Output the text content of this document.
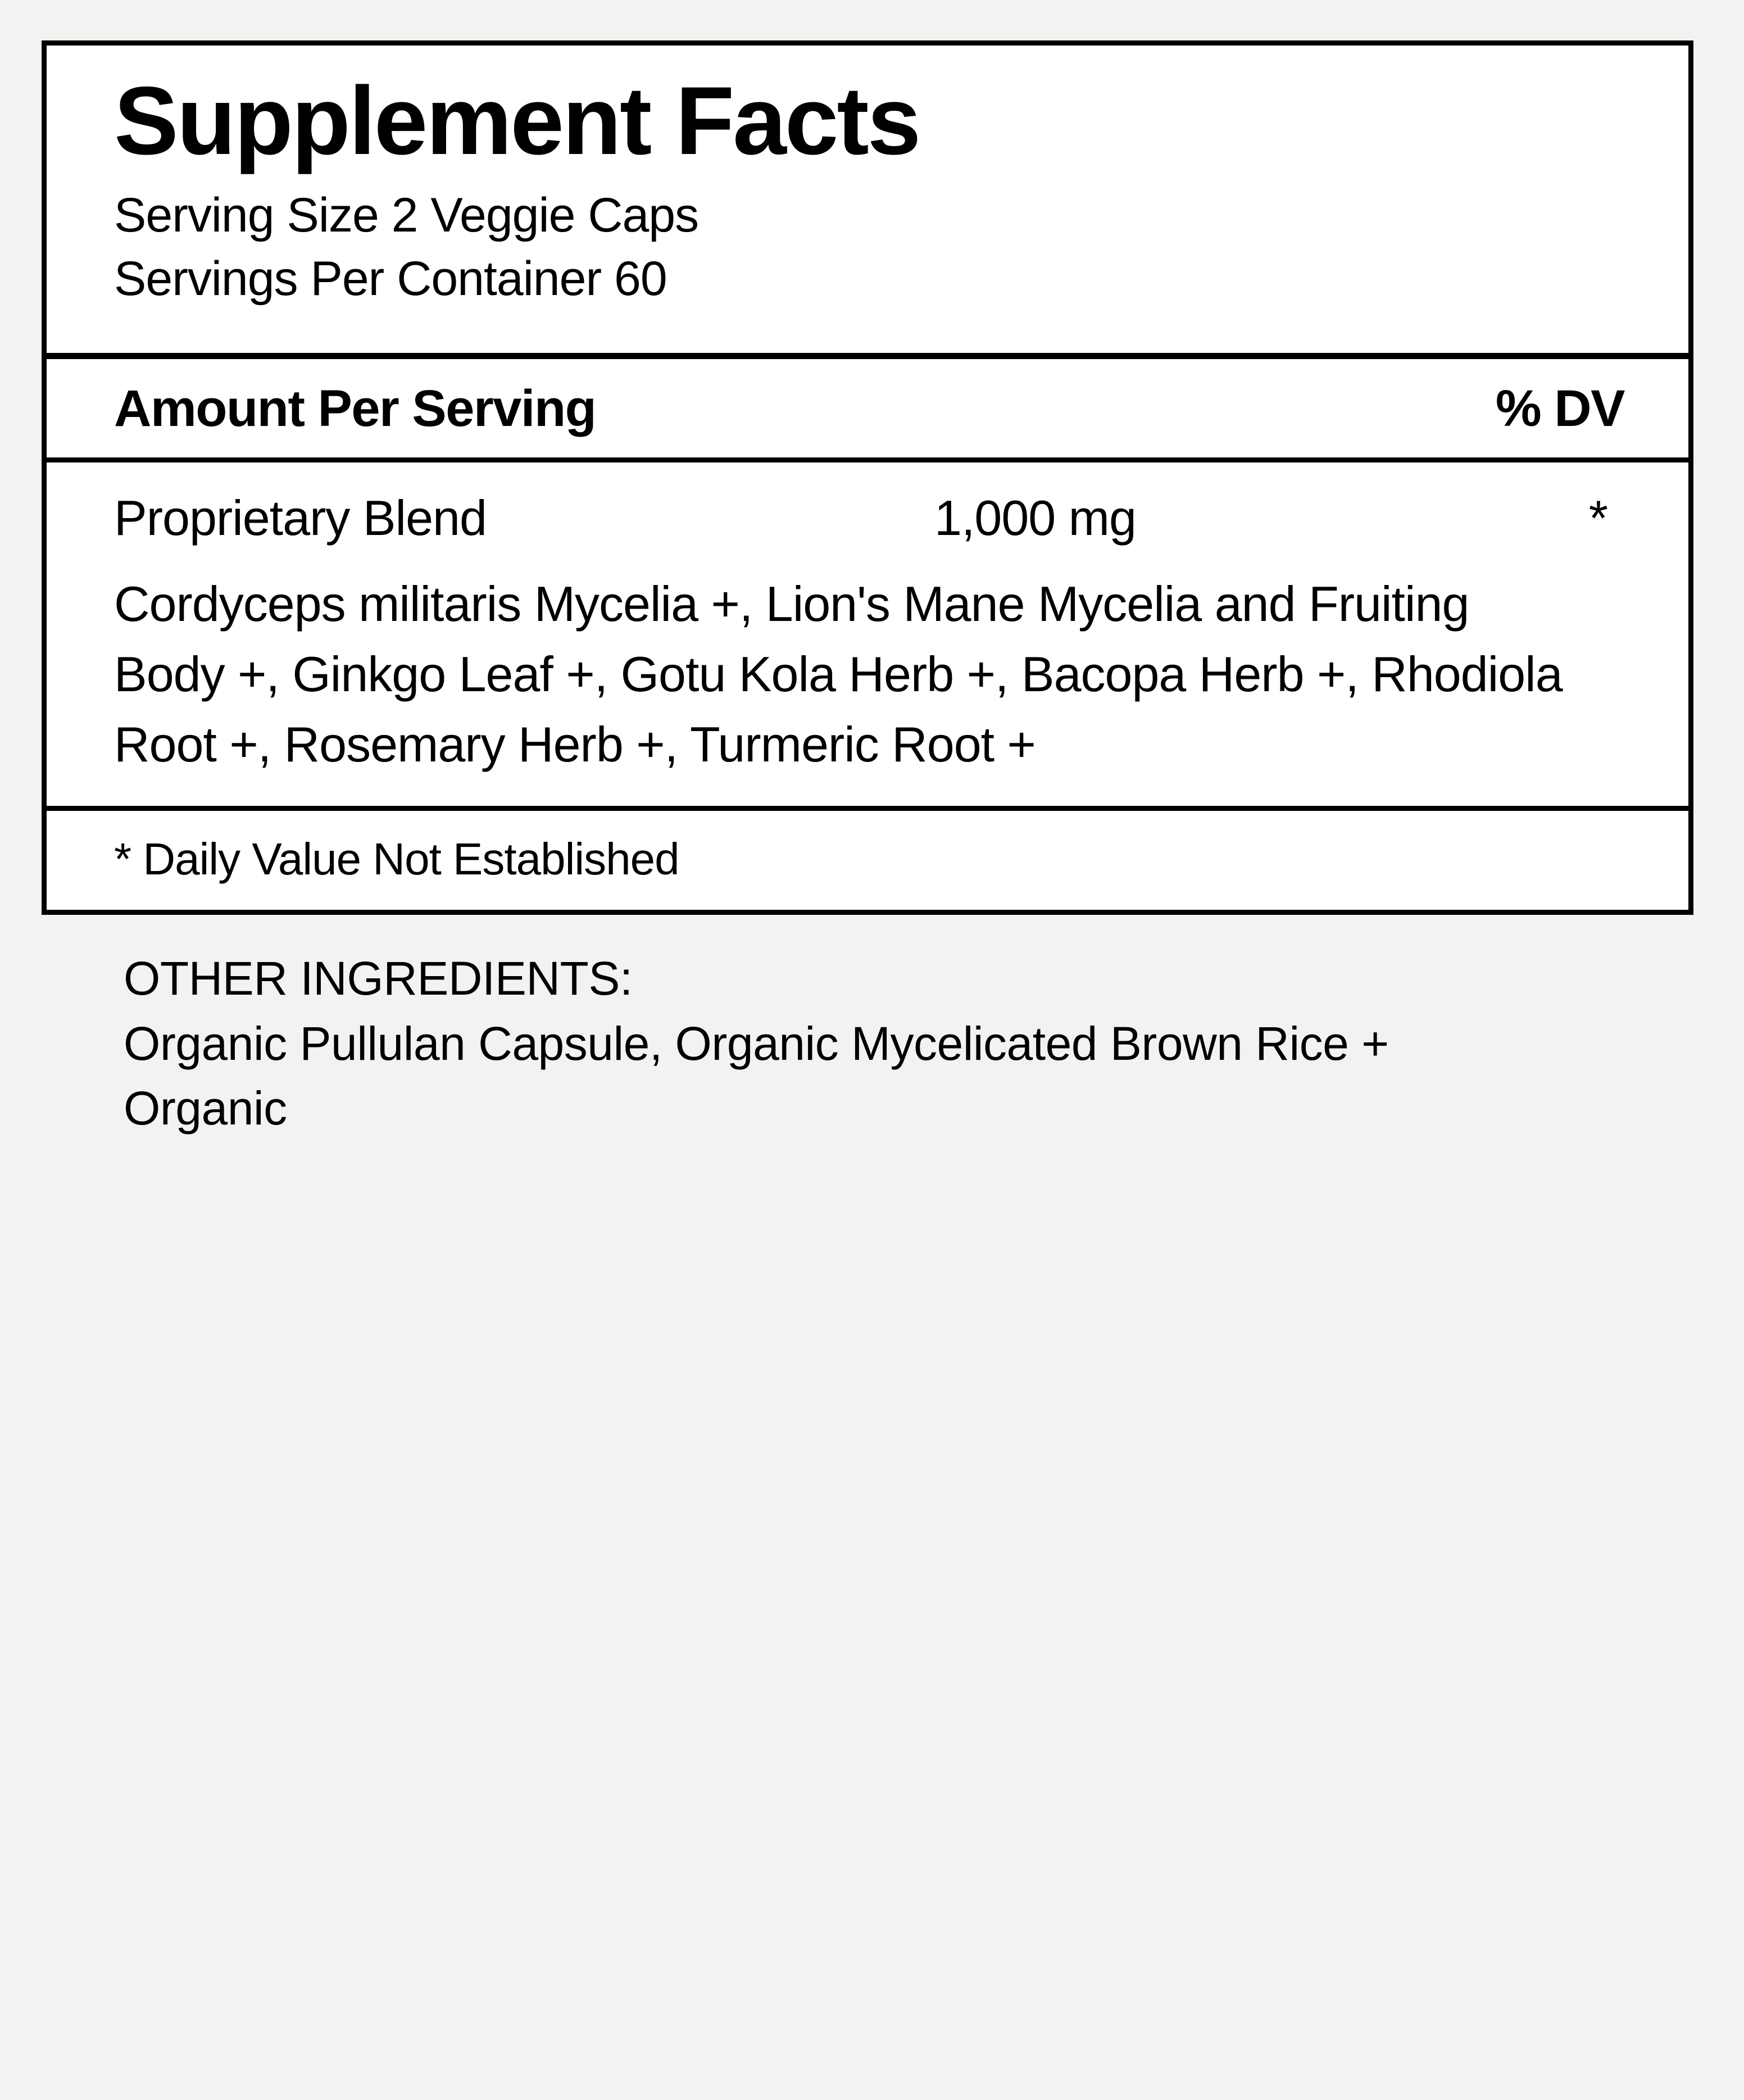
Supplement Facts
Serving Size 2 Veggie Caps
Servings Per Container 60
Amount Per Serving	% DV
Proprietary Blend	1,000 mg	*
Cordyceps militaris Mycelia +, Lion's Mane Mycelia and Fruiting Body +, Ginkgo Leaf +, Gotu Kola Herb +, Bacopa Herb +, Rhodiola Root +, Rosemary Herb +, Turmeric Root +
* Daily Value Not Established
OTHER INGREDIENTS:
Organic Pullulan Capsule, Organic Mycelicated Brown Rice + Organic
